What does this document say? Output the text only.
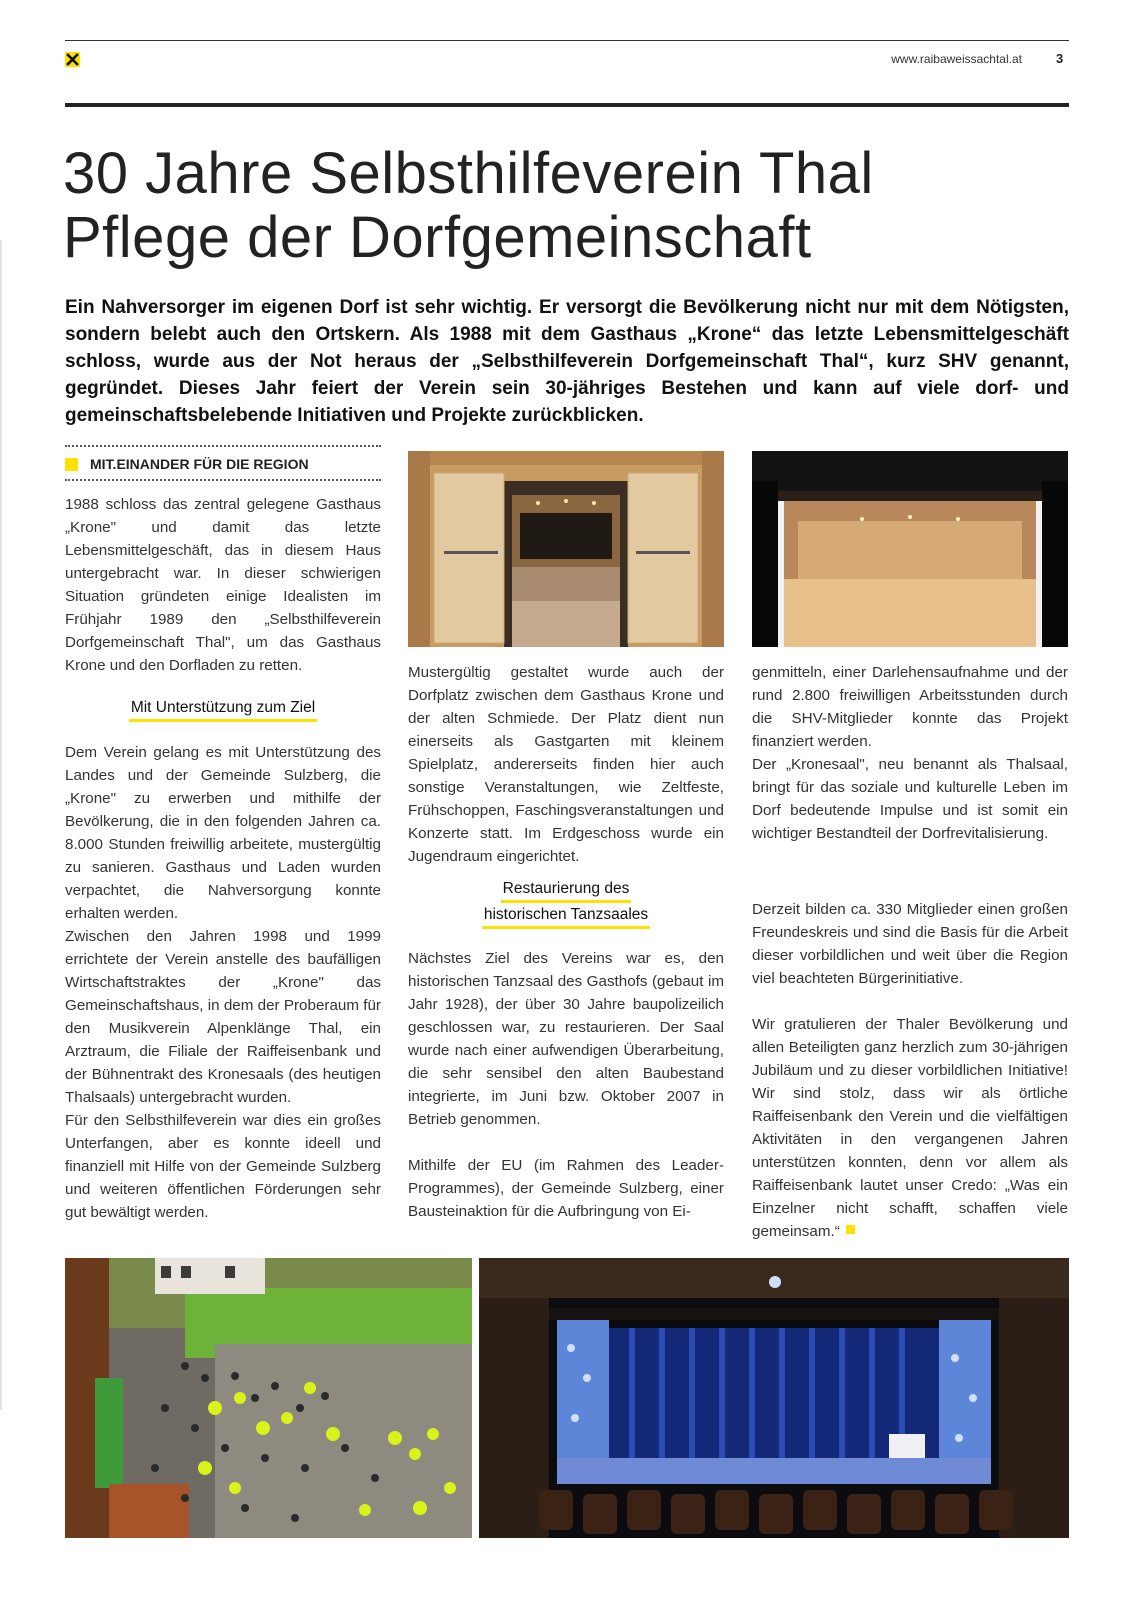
www.raibaweissachtal.at	3
30 Jahre Selbsthilfeverein Thal
Pflege der Dorfgemeinschaft

Ein Nahversorger im eigenen Dorf ist sehr wichtig. Er versorgt die Bevölkerung nicht nur mit dem Nötigsten, sondern belebt auch den Ortskern. Als 1988 mit dem Gasthaus „Krone“ das letzte Lebensmittelgeschäft schloss, wurde aus der Not heraus der „Selbsthilfeverein Dorfgemeinschaft Thal“, kurz SHV genannt, gegründet. Dieses Jahr feiert der Verein sein 30-jähriges Bestehen und kann auf viele dorf- und gemeinschaftsbelebende Initiativen und Projekte zurückblicken.

MIT.EINANDER FÜR DIE REGION

1988 schloss das zentral gelegene Gasthaus „Krone" und damit das letzte Lebensmittelgeschäft, das in diesem Haus untergebracht war. In dieser schwierigen Situation gründeten einige Idealisten im Frühjahr 1989 den „Selbsthilfeverein Dorfgemeinschaft Thal", um das Gasthaus Krone und den Dorfladen zu retten.

Mit Unterstützung zum Ziel

Dem Verein gelang es mit Unterstützung des Landes und der Gemeinde Sulzberg, die „Krone" zu erwerben und mithilfe der Bevölkerung, die in den folgenden Jahren ca. 8.000 Stunden freiwillig arbeitete, mustergültig zu sanieren. Gasthaus und Laden wurden verpachtet, die Nahversorgung konnte erhalten werden.

Zwischen den Jahren 1998 und 1999 errichtete der Verein anstelle des baufälligen Wirtschaftstraktes der „Krone" das Gemeinschaftshaus, in dem der Proberaum für den Musikverein Alpenklänge Thal, ein Arztraum, die Filiale der Raiffeisenbank und der Bühnentrakt des Kronesaals (des heutigen Thalsaals) untergebracht wurden.

Für den Selbsthilfeverein war dies ein großes Unterfangen, aber es konnte ideell und finanziell mit Hilfe von der Gemeinde Sulzberg und weiteren öffentlichen Förderungen sehr gut bewältigt werden.

Mustergültig gestaltet wurde auch der Dorfplatz zwischen dem Gasthaus Krone und der alten Schmiede. Der Platz dient nun einerseits als Gastgarten mit kleinem Spielplatz, andererseits finden hier auch sonstige Veranstaltungen, wie Zeltfeste, Frühschoppen, Faschingsveranstaltungen und Konzerte statt. Im Erdgeschoss wurde ein Jugendraum eingerichtet.

Restaurierung des
historischen Tanzsaales

Nächstes Ziel des Vereins war es, den historischen Tanzsaal des Gasthofs (gebaut im Jahr 1928), der über 30 Jahre baupolizeilich geschlossen war, zu restaurieren. Der Saal wurde nach einer aufwendigen Überarbeitung, die sehr sensibel den alten Baubestand integrierte, im Juni bzw. Oktober 2007 in Betrieb genommen.

Mithilfe der EU (im Rahmen des Leader-Programmes), der Gemeinde Sulzberg, einer Bausteinaktion für die Aufbringung von Ei-

genmitteln, einer Darlehensaufnahme und der rund 2.800 freiwilligen Arbeitsstunden durch die SHV-Mitglieder konnte das Projekt finanziert werden.

Der „Kronesaal", neu benannt als Thalsaal, bringt für das soziale und kulturelle Leben im Dorf bedeutende Impulse und ist somit ein wichtiger Bestandteil der Dorfrevitalisierung.

Derzeit bilden ca. 330 Mitglieder einen großen Freundeskreis und sind die Basis für die Arbeit dieser vorbildlichen und weit über die Region viel beachteten Bürgerinitiative.

Wir gratulieren der Thaler Bevölkerung und allen Beteiligten ganz herzlich zum 30-jährigen Jubiläum und zu dieser vorbildlichen Initiative! Wir sind stolz, dass wir als örtliche Raiffeisenbank den Verein und die vielfältigen Aktivitäten in den vergangenen Jahren unterstützen konnten, denn vor allem als Raiffeisenbank lautet unser Credo: „Was ein Einzelner nicht schafft, schaffen viele gemeinsam.“
